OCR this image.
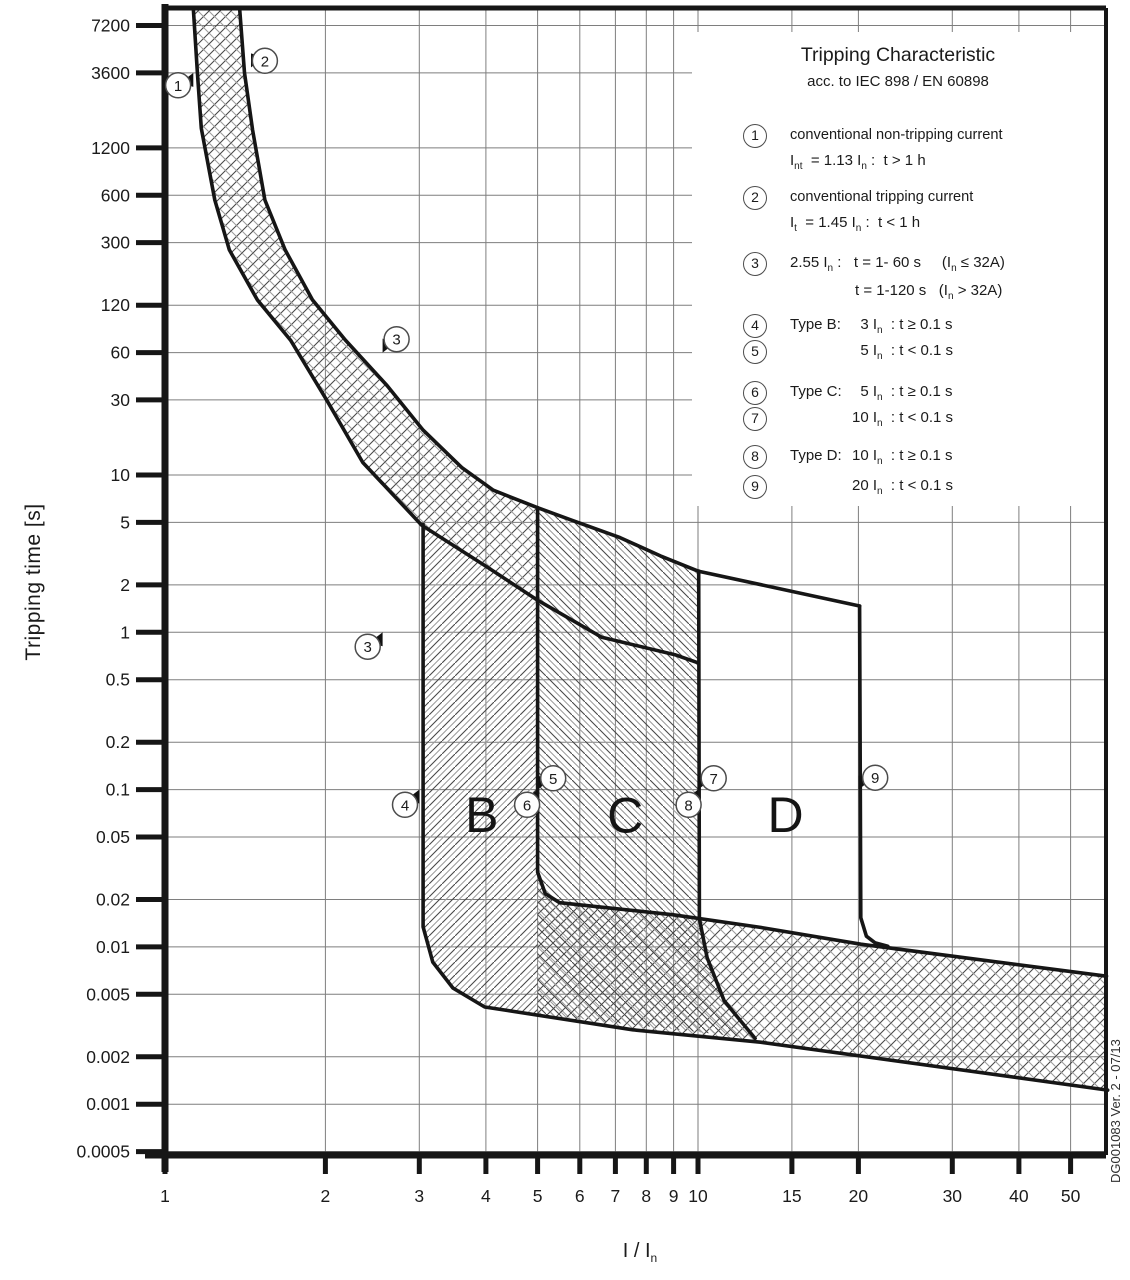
7200
3600
1200
600
300
120
60
30
10
5
2
1
0.5
0.2
0.1
0.05
0.02
0.01
0.005
0.002
0.001
0.0005
1	2	3	4 5 6 7 8 9 10	15	20	30	40 50
1
2
3
3
4
5
6
7
8
9
B C D
Tripping Characteristic
acc. to IEC 898 / EN 60898
1	conventional non-tripping current
$I_{nt} = 1.13$ $I_n$ :  t > 1 h
2	conventional tripping current
$I_t = 1.45$ $I_n$ :  t < 1 h
3	2.55 $I_n$ :   t = 1- 60 s     $(I_n \le 32A)$
t = 1-120 s   $(I_n > 32A)$
4	Type B: 3 $I_n$  : t ≥ 0.1 s
5	5 $I_n$  : t < 0.1 s
6	Type C: 5 $I_n$  : t ≥ 0.1 s
7	10 $I_n$  : t < 0.1 s
8	Type D: 10 $I_n$  : t ≥ 0.1 s
9	20 $I_n$  : t < 0.1 s
Tripping time [s]
I / $I_n$
DG001083 Ver. 2 - 07/13
